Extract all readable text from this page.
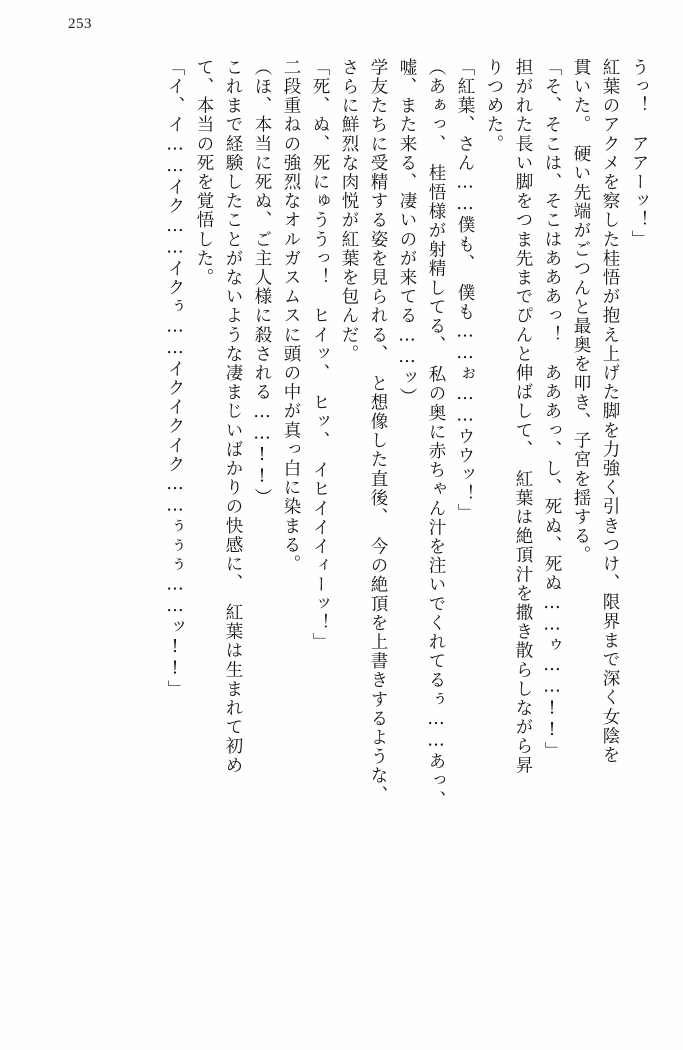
253
うっ！　アアーッ！」
紅葉のアクメを察した桂悟が抱え上げた脚を力強く引きつけ、限界まで深く女陰を
貫いた。　硬い先端がごつんと最奥を叩き、子宮を揺する。
「そ、そこは、そこはあああっ！　あああっ、し、死ぬ、死ぬ……ゥ……!!」
担がれた長い脚をつま先までぴんと伸ばして、　紅葉は絶頂汁を撒き散らしながら昇
りつめた。
「紅葉、さん……僕も、　僕も……ぉ……ウウッ！」
（あぁっ、　桂悟様が射精してる、　私の奥に赤ちゃん汁を注いでくれてるぅ……あっ、
嘘、また来る、凄いのが来てる……ッ）
学友たちに受精する姿を見られる、　と想像した直後、　今の絶頂を上書きするような、
さらに鮮烈な肉悦が紅葉を包んだ。
「死、ぬ、死にゅううっ！　ヒイッ、　ヒッ、　イヒイイイィーッ！」
二段重ねの強烈なオルガスムスに頭の中が真っ白に染まる。
（ほ、本当に死ぬ、ご主人様に殺される……!!）
これまで経験したことがないような凄まじいばかりの快感に、　紅葉は生まれて初め
て、本当の死を覚悟した。
「イ、イ……イク……イクぅ……イクイクイク……ぅぅぅ……ッ!!」
